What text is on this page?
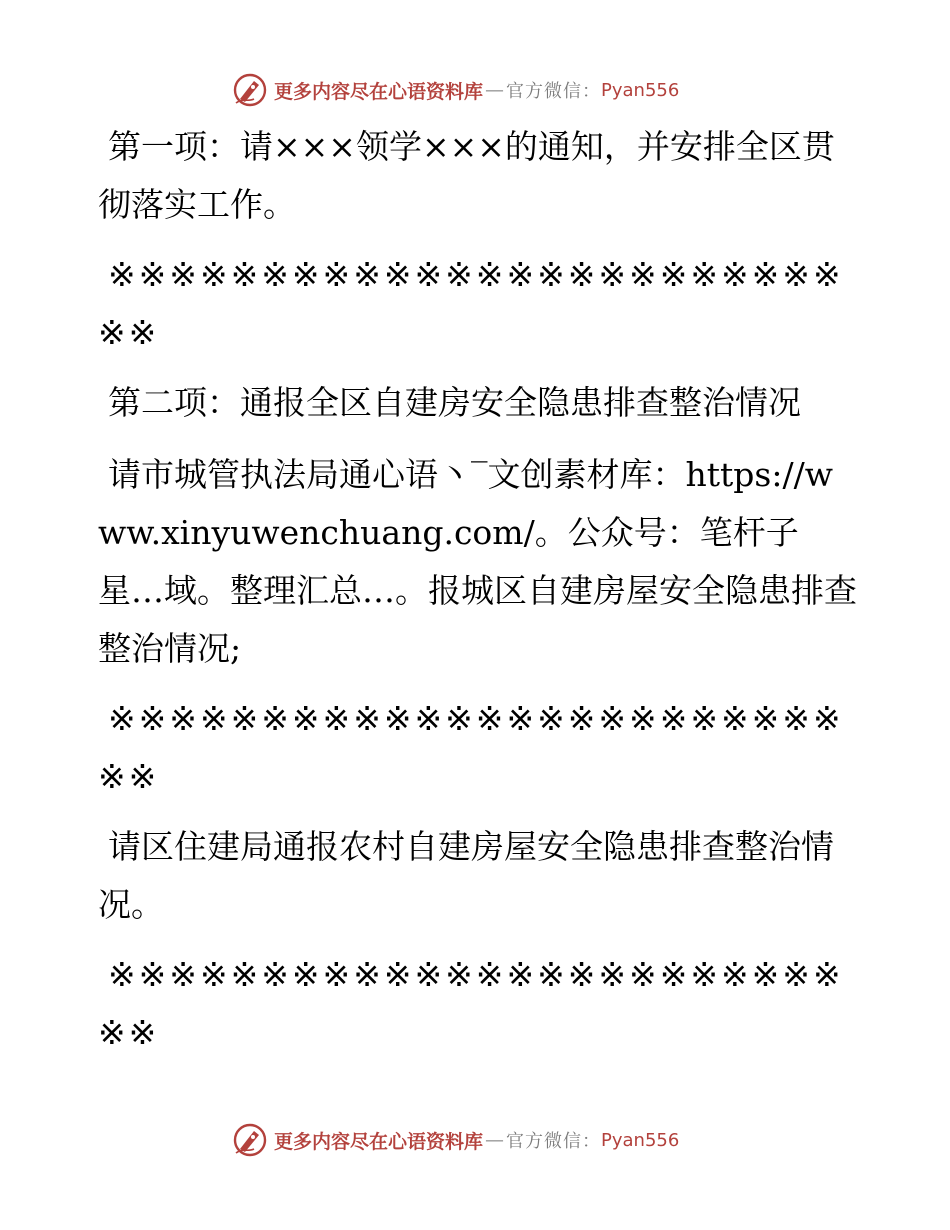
更多内容尽在心语资料库 — 官方微信： Pyan556

第一项：请×××领学×××的通知，并安排全区贯彻落实工作。

※※※※※※※※※※※※※※※※※※※※※※※※※※

第二项：通报全区自建房安全隐患排查整治情况

请市城管执法局通心语丶‾文创素材库：https://www.xinyuwenchuang.com/。公众号：笔杆子星…域。整理汇总…。报城区自建房屋安全隐患排查整治情况;

※※※※※※※※※※※※※※※※※※※※※※※※※※

请区住建局通报农村自建房屋安全隐患排查整治情况。

※※※※※※※※※※※※※※※※※※※※※※※※※※

更多内容尽在心语资料库 — 官方微信： Pyan556
